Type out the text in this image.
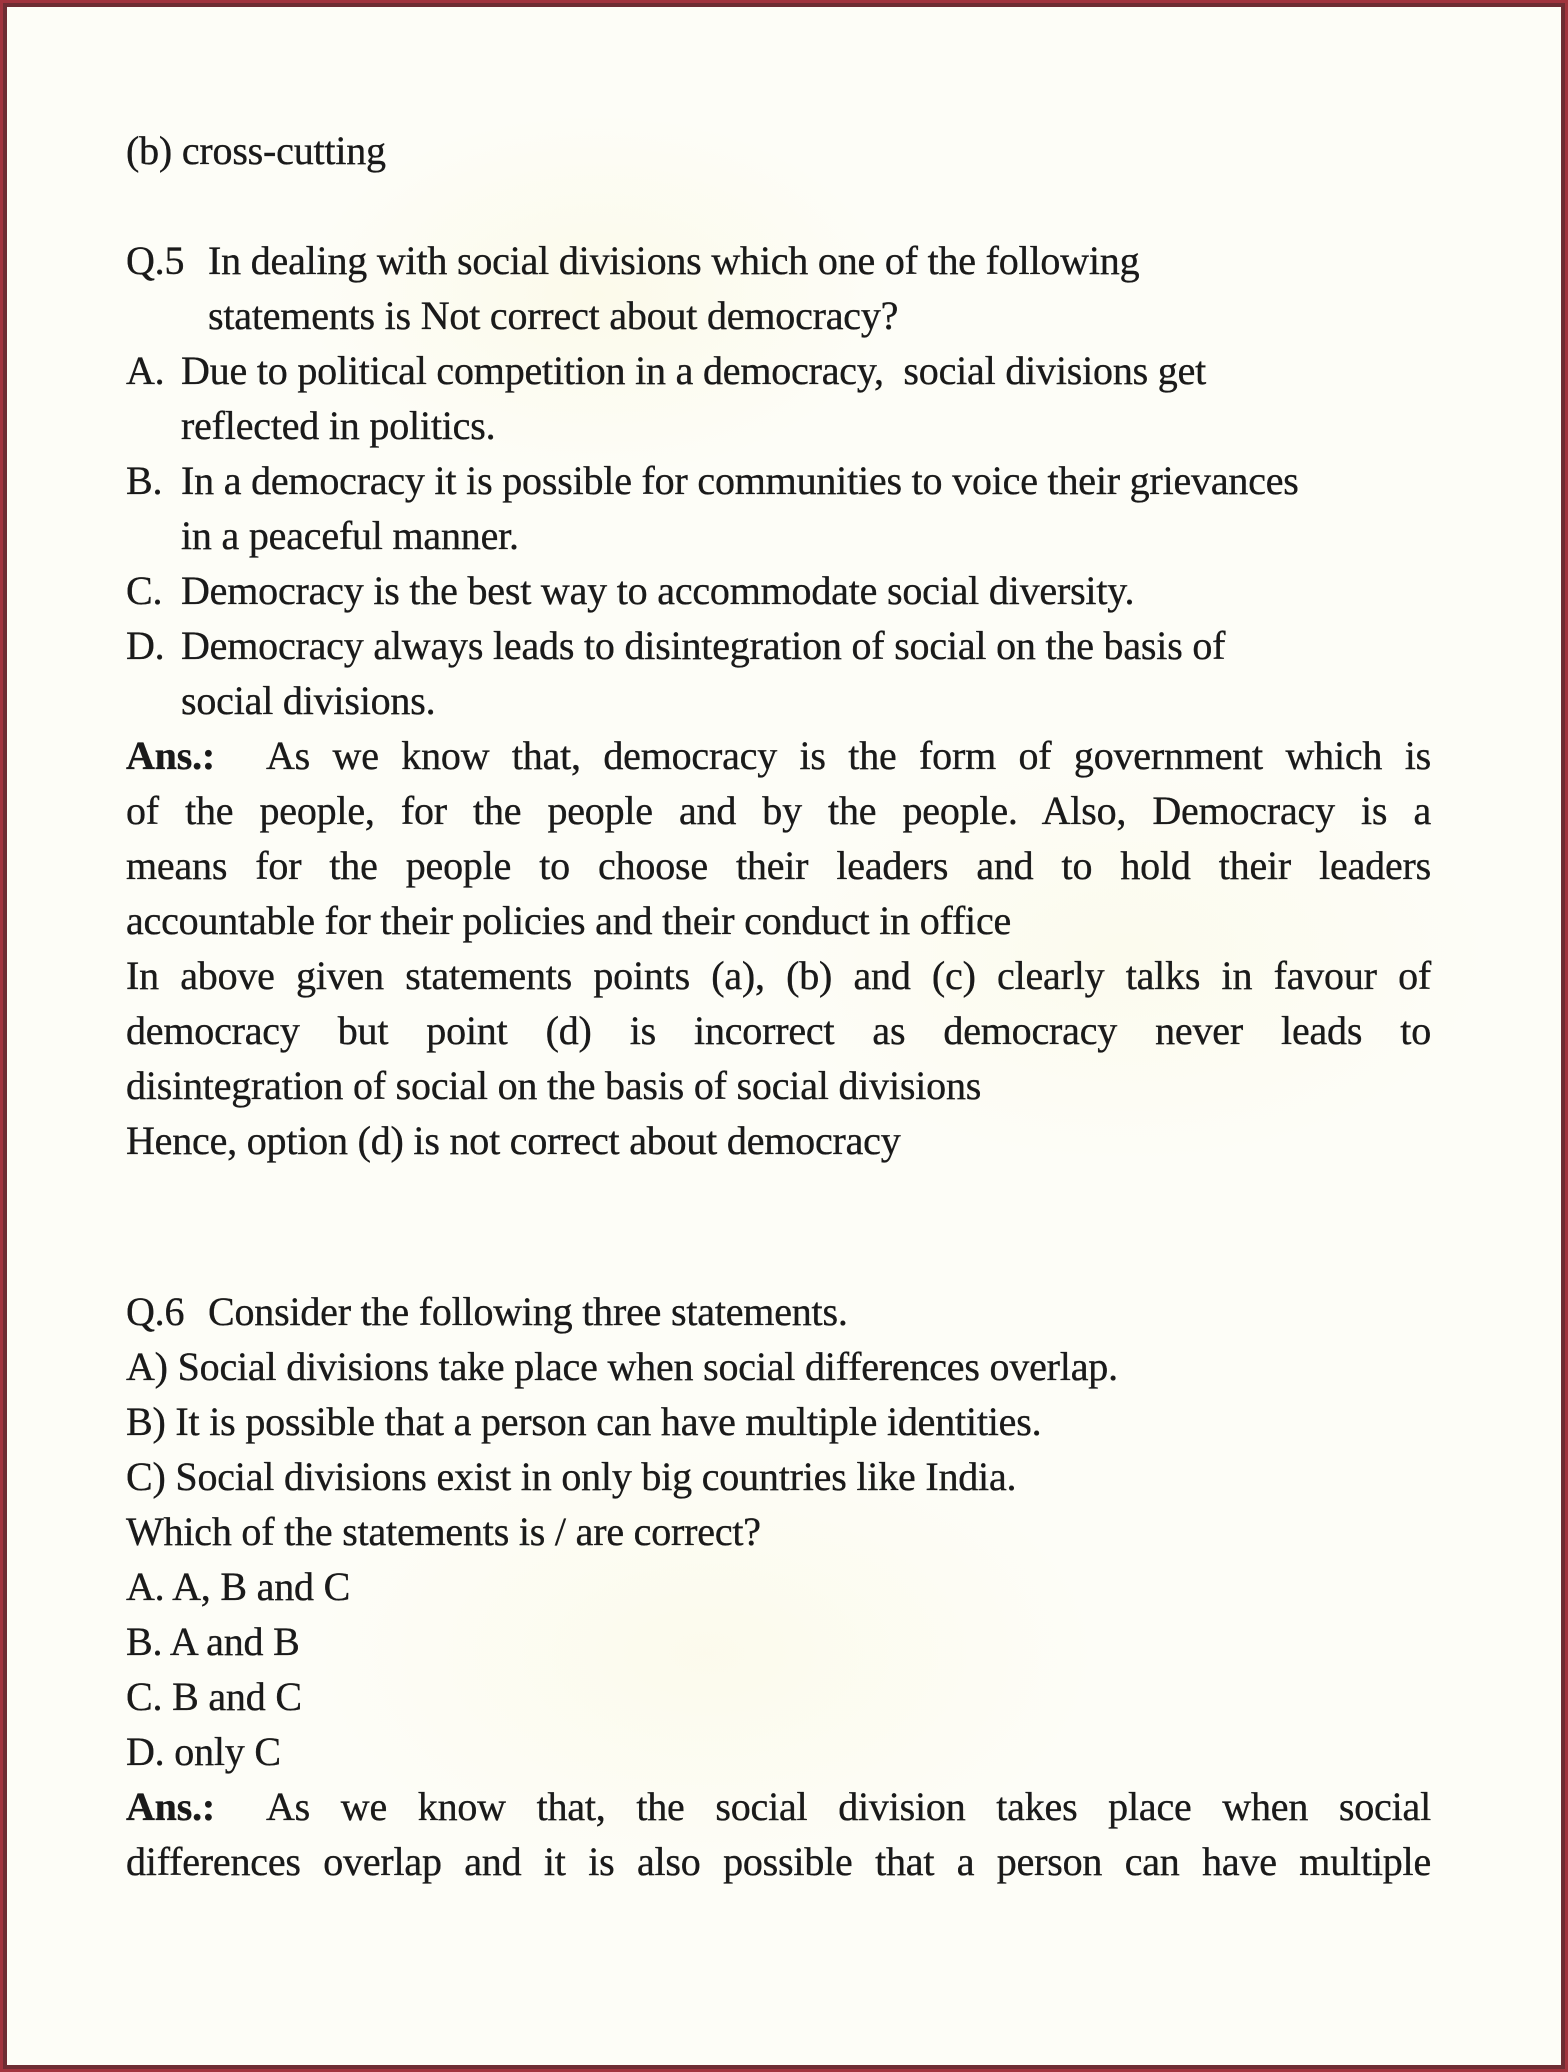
(b) cross-cutting
Q.5 In dealing with social divisions which one of the following
statements is Not correct about democracy?
A. Due to political competition in a democracy,  social divisions get
reflected in politics.
B. In a democracy it is possible for communities to voice their grievances
in a peaceful manner.
C. Democracy is the best way to accommodate social diversity.
D. Democracy always leads to disintegration of social on the basis of
social divisions.
Ans.: As we know that, democracy is the form of government which is
of the people, for the people and by the people. Also, Democracy is a
means for the people to choose their leaders and to hold their leaders
accountable for their policies and their conduct in office
In above given statements points (a), (b) and (c) clearly talks in favour of
democracy but point (d) is incorrect as democracy never leads to
disintegration of social on the basis of social divisions
Hence, option (d) is not correct about democracy
Q.6 Consider the following three statements.
A) Social divisions take place when social differences overlap.
B) It is possible that a person can have multiple identities.
C) Social divisions exist in only big countries like India.
Which of the statements is / are correct?
A. A, B and C
B. A and B
C. B and C
D. only C
Ans.: As we know that, the social division takes place when social
differences overlap and it is also possible that a person can have multiple
